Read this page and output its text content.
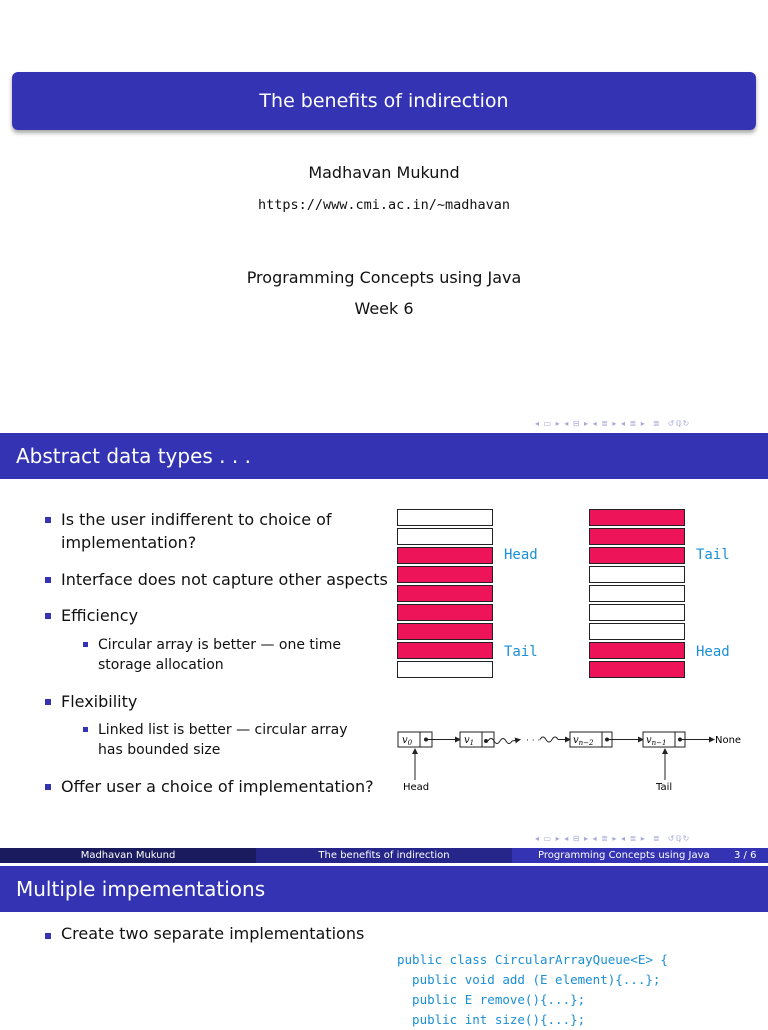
The benefits of indirection
Madhavan Mukund
https://www.cmi.ac.in/~madhavan
Programming Concepts using Java
Week 6
◂ ▭ ▸ ◂ ⊟ ▸ ◂ ≣ ▸ ◂ ≣ ▸  ≣  ↺ℚ↻
Abstract data types . . .
Is the user indifferent to choice of
implementation?
Interface does not capture other aspects
Efficiency
Circular array is better — one time
storage allocation
Flexibility
Linked list is better — circular array
has bounded size
Offer user a choice of implementation?
Head
Tail
Tail
Head
$v_0$	$v_1$	· · ·	$v_{n-2}$	$v_{n-1}$	None
Head	Tail
◂ ▭ ▸ ◂ ⊟ ▸ ◂ ≣ ▸ ◂ ≣ ▸  ≣  ↺ℚ↻
Madhavan Mukund	The benefits of indirection	Programming Concepts using Java 3 / 6
Multiple impementations
Create two separate implementations
public class CircularArrayQueue<E> {
public void add (E element){...};
public E remove(){...};
public int size(){...};
